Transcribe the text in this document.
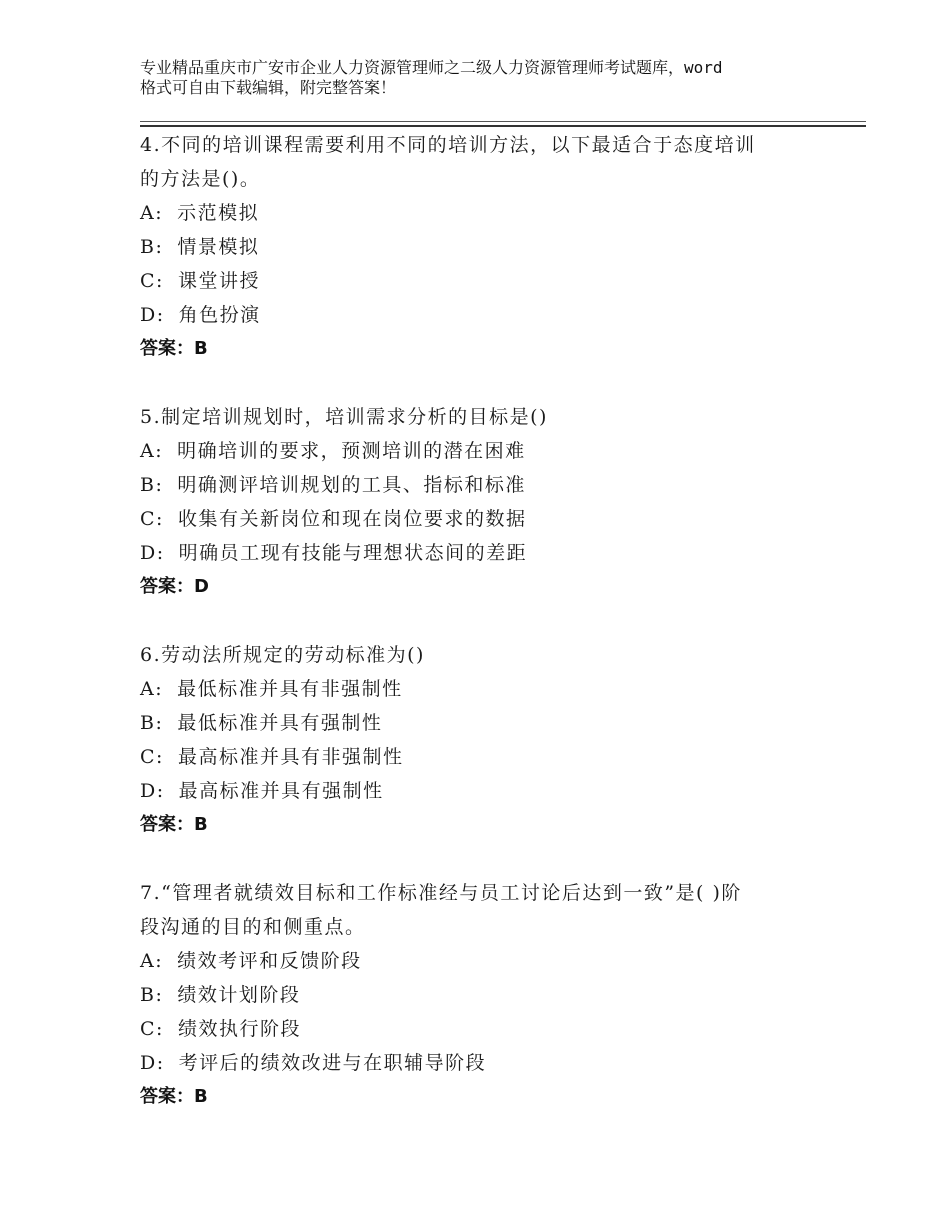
专业精品重庆市广安市企业人力资源管理师之二级人力资源管理师考试题库，word
格式可自由下载编辑，附完整答案！
4.不同的培训课程需要利用不同的培训方法，以下最适合于态度培训
的方法是()。
A: 示范模拟
B: 情景模拟
C: 课堂讲授
D: 角色扮演
答案：B
5.制定培训规划时，培训需求分析的目标是()
A: 明确培训的要求，预测培训的潜在困难
B: 明确测评培训规划的工具、指标和标准
C: 收集有关新岗位和现在岗位要求的数据
D: 明确员工现有技能与理想状态间的差距
答案：D
6.劳动法所规定的劳动标准为()
A: 最低标准并具有非强制性
B: 最低标准并具有强制性
C: 最高标准并具有非强制性
D: 最高标准并具有强制性
答案：B
7.“管理者就绩效目标和工作标准经与员工讨论后达到一致”是( )阶
段沟通的目的和侧重点。
A: 绩效考评和反馈阶段
B: 绩效计划阶段
C: 绩效执行阶段
D: 考评后的绩效改进与在职辅导阶段
答案：B
